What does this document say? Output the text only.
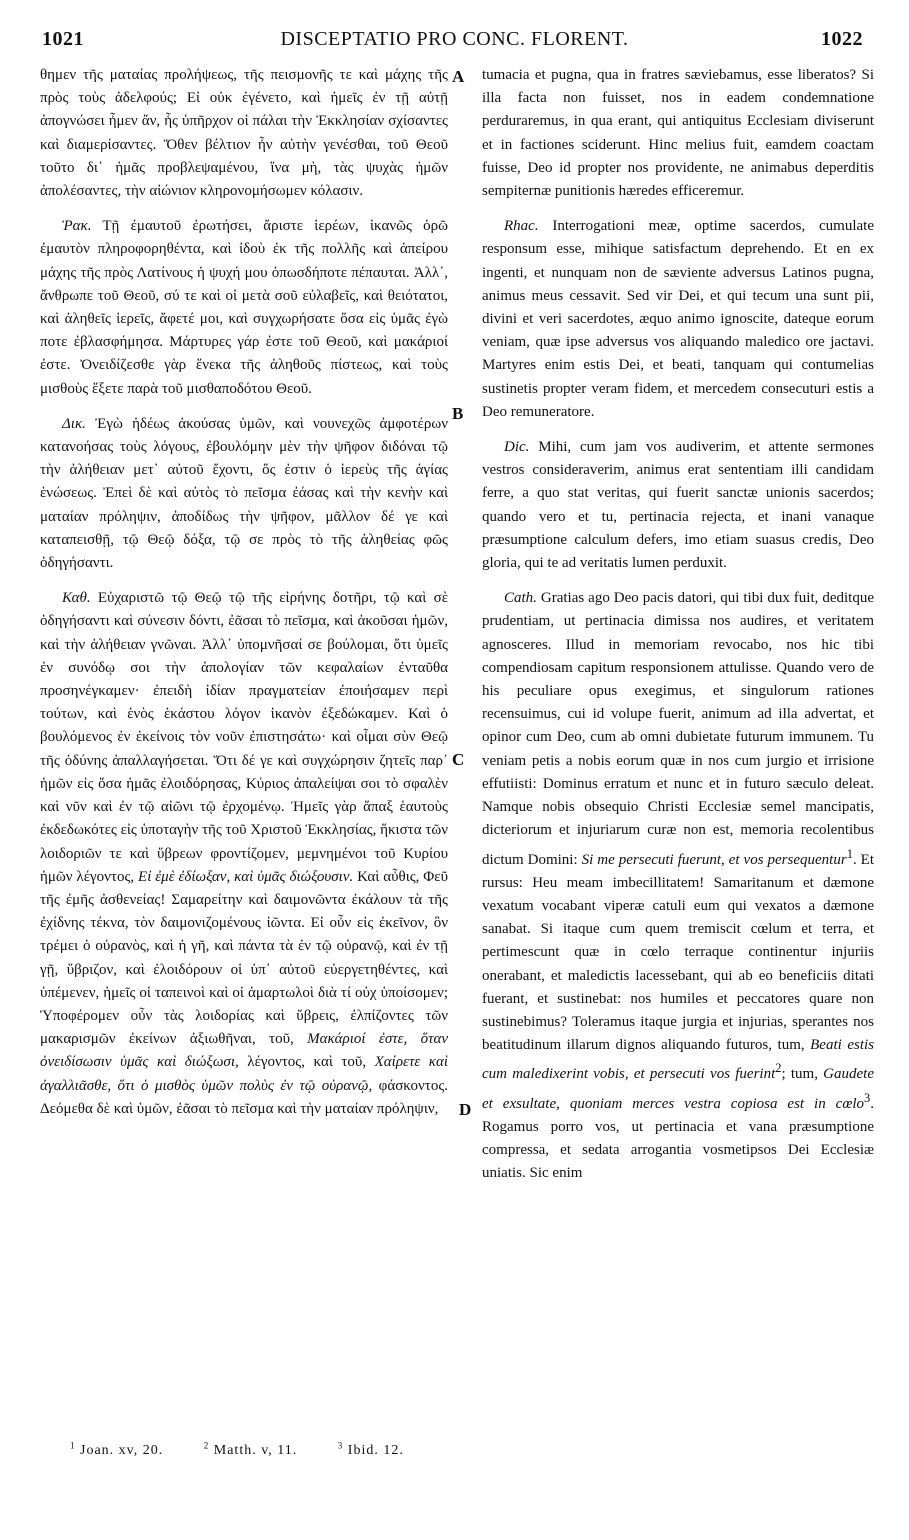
1021	DISCEPTATIO PRO CONC. FLORENT.	1022
A
B
C
D

θημεν τῆς ματαίας προλήψεως, τῆς πεισμονῆς τε καὶ μάχης τῆς πρὸς τοὺς ἀδελφούς; Εἰ οὐκ ἐγένετο, καὶ ἡμεῖς ἐν τῇ αὐτῇ ἀπογνώσει ἦμεν ἄν, ἧς ὑπῆρχον οἱ πάλαι τὴν Ἐκκλησίαν σχίσαντες καὶ διαμερίσαντες. Ὅθεν βέλτιον ἦν αὐτὴν γενέσθαι, τοῦ Θεοῦ τοῦτο δι᾽ ἡμᾶς προβλεψαμένου, ἵνα μὴ, τὰς ψυχὰς ἡμῶν ἀπολέσαντες, τὴν αἰώνιον κληρονομήσωμεν κόλασιν.

Ῥακ. Τῇ ἐμαυτοῦ ἐρωτήσει, ἄριστε ἱερέων, ἱκανῶς ὁρῶ ἐμαυτὸν πληροφορηθέντα, καὶ ἰδοὺ ἐκ τῆς πολλῆς καὶ ἀπείρου μάχης τῆς πρὸς Λατίνους ἡ ψυχή μου ὁπωσδήποτε πέπαυται. Ἀλλ᾽, ἄνθρωπε τοῦ Θεοῦ, σύ τε καὶ οἱ μετὰ σοῦ εὐλαβεῖς, καὶ θειότατοι, καὶ ἀληθεῖς ἱερεῖς, ἄφετέ μοι, καὶ συγχωρήσατε ὅσα εἰς ὑμᾶς ἐγὼ ποτε ἐβλασφήμησα. Μάρτυρες γάρ ἐστε τοῦ Θεοῦ, καὶ μακάριοί ἐστε. Ὀνειδίζεσθε γὰρ ἕνεκα τῆς ἀληθοῦς πίστεως, καὶ τοὺς μισθοὺς ἕξετε παρὰ τοῦ μισθαποδότου Θεοῦ.

Δικ. Ἐγὼ ἡδέως ἀκούσας ὑμῶν, καὶ νουνεχῶς ἀμφοτέρων κατανοήσας τοὺς λόγους, ἐβουλόμην μὲν τὴν ψῆφον διδόναι τῷ τὴν ἀλήθειαν μετ᾽ αὐτοῦ ἔχοντι, ὅς ἐστιν ὁ ἱερεὺς τῆς ἁγίας ἑνώσεως. Ἐπεὶ δὲ καὶ αὐτὸς τὸ πεῖσμα ἐάσας καὶ τὴν κενὴν καὶ ματαίαν πρόληψιν, ἀποδίδως τὴν ψῆφον, μᾶλλον δέ γε καὶ καταπεισθῇ, τῷ Θεῷ δόξα, τῷ σε πρὸς τὸ τῆς ἀληθείας φῶς ὁδηγήσαντι.

Καθ. Εὐχαριστῶ τῷ Θεῷ τῷ τῆς εἰρήνης δοτῆρι, τῷ καὶ σὲ ὁδηγήσαντι καὶ σύνεσιν δόντι, ἐᾶσαι τὸ πεῖσμα, καὶ ἀκοῦσαι ἡμῶν, καὶ τὴν ἀλήθειαν γνῶναι. Ἀλλ᾽ ὑπομνῆσαί σε βούλομαι, ὅτι ὑμεῖς ἐν συνόδῳ σοι τὴν ἀπολογίαν τῶν κεφαλαίων ἐνταῦθα προσηνέγκαμεν· ἐπειδὴ ἰδίαν πραγματείαν ἐποιήσαμεν περὶ τούτων, καὶ ἑνὸς ἑκάστου λόγον ἱκανὸν ἐξεδώκαμεν. Καὶ ὁ βουλόμενος ἐν ἐκείνοις τὸν νοῦν ἐπιστησάτω· καὶ οἶμαι σὺν Θεῷ τῆς ὀδύνης ἀπαλλαγήσεται. Ὅτι δέ γε καὶ συγχώρησιν ζητεῖς παρ᾽ ἡμῶν εἰς ὅσα ἡμᾶς ἐλοιδόρησας, Κύριος ἀπαλείψαι σοι τὸ σφαλὲν καὶ νῦν καὶ ἐν τῷ αἰῶνι τῷ ἐρχομένῳ. Ἡμεῖς γὰρ ἅπαξ ἑαυτοὺς ἐκδεδωκότες εἰς ὑποταγὴν τῆς τοῦ Χριστοῦ Ἐκκλησίας, ἥκιστα τῶν λοιδοριῶν τε καὶ ὕβρεων φροντίζομεν, μεμνημένοι τοῦ Κυρίου ἡμῶν λέγοντος, Εἰ ἐμὲ ἐδίωξαν, καὶ ὑμᾶς διώξουσιν. Καὶ αὖθις, Φεῦ τῆς ἐμῆς ἀσθενείας! Σαμαρείτην καὶ δαιμονῶντα ἐκάλουν τὰ τῆς ἐχίδνης τέκνα, τὸν δαιμονιζομένους ἰῶντα. Εἰ οὖν εἰς ἐκεῖνον, ὃν τρέμει ὁ οὐρανὸς, καὶ ἡ γῆ, καὶ πάντα τὰ ἐν τῷ οὐρανῷ, καὶ ἐν τῇ γῇ, ὕβριζον, καὶ ἐλοιδόρουν οἱ ὑπ᾽ αὐτοῦ εὐεργετηθέντες, καὶ ὑπέμενεν, ἡμεῖς οἱ ταπεινοὶ καὶ οἱ ἁμαρτωλοὶ διὰ τί οὐχ ὑποίσομεν; Ὑποφέρομεν οὖν τὰς λοιδορίας καὶ ὕβρεις, ἐλπίζοντες τῶν μακαρισμῶν ἐκείνων ἀξιωθῆναι, τοῦ, Μακάριοί ἐστε, ὅταν ὀνειδίσωσιν ὑμᾶς καὶ διώξωσι, λέγοντος, καὶ τοῦ, Χαίρετε καὶ ἀγαλλιᾶσθε, ὅτι ὁ μισθὸς ὑμῶν πολὺς ἐν τῷ οὐρανῷ, φάσκοντος. Δεόμεθα δὲ καὶ ὑμῶν, ἐᾶσαι τὸ πεῖσμα καὶ τὴν ματαίαν πρόληψιν,

tumacia et pugna, qua in fratres sæviebamus, esse liberatos? Si illa facta non fuisset, nos in eadem condemnatione perduraremus, in qua erant, qui antiquitus Ecclesiam diviserunt et in factiones sciderunt. Hinc melius fuit, eamdem coactam fuisse, Deo id propter nos providente, ne animabus deperditis sempiternæ punitionis hæredes efficeremur.

Rhac. Interrogationi meæ, optime sacerdos, cumulate responsum esse, mihique satisfactum deprehendo. Et en ex ingenti, et nunquam non de sæviente adversus Latinos pugna, animus meus cessavit. Sed vir Dei, et qui tecum una sunt pii, divini et veri sacerdotes, æquo animo ignoscite, dateque eorum veniam, quæ ipse adversus vos aliquando maledico ore jactavi. Martyres enim estis Dei, et beati, tanquam qui contumelias sustinetis propter veram fidem, et mercedem consecuturi estis a Deo remuneratore.

Dic. Mihi, cum jam vos audiverim, et attente sermones vestros consideraverim, animus erat sententiam illi candidam ferre, a quo stat veritas, qui fuerit sanctæ unionis sacerdos; quando vero et tu, pertinacia rejecta, et inani vanaque præsumptione calculum defers, imo etiam suasus credis, Deo gloria, qui te ad veritatis lumen perduxit.

Cath. Gratias ago Deo pacis datori, qui tibi dux fuit, deditque prudentiam, ut pertinacia dimissa nos audires, et veritatem agnosceres. Illud in memoriam revocabo, nos hic tibi compendiosam capitum responsionem attulisse. Quando vero de his peculiare opus exegimus, et singulorum rationes recensuimus, cui id volupe fuerit, animum ad illa advertat, et opinor cum Deo, cum ab omni dubietate futurum immunem. Tu veniam petis a nobis eorum quæ in nos cum jurgio et irrisione effutiisti: Dominus erratum et nunc et in futuro sæculo deleat. Namque nobis obsequio Christi Ecclesiæ semel mancipatis, dicteriorum et injuriarum curæ non est, memoria recolentibus dictum Domini: Si me persecuti fuerunt, et vos persequentur$^1$. Et rursus: Heu meam imbecillitatem! Samaritanum et dæmone vexatum vocabant viperæ catuli eum qui vexatos a dæmone sanabat. Si itaque cum quem tremiscit cœlum et terra, et pertimescunt quæ in cœlo terraque continentur injuriis onerabant, et maledictis lacessebant, qui ab eo beneficiis ditati fuerant, et sustinebat: nos humiles et peccatores quare non sustinebimus? Toleramus itaque jurgia et injurias, sperantes nos beatitudinum illarum dignos aliquando futuros, tum, Beati estis cum maledixerint vobis, et persecuti vos fuerint$^2$; tum, Gaudete et exsultate, quoniam merces vestra copiosa est in cœlo$^3$. Rogamus porro vos, ut pertinacia et vana præsumptione compressa, et sedata arrogantia vosmetipsos Dei Ecclesiæ uniatis. Sic enim

$^1$ Joan. xv, 20.	$^2$ Matth. v, 11.	$^3$ Ibid. 12.
